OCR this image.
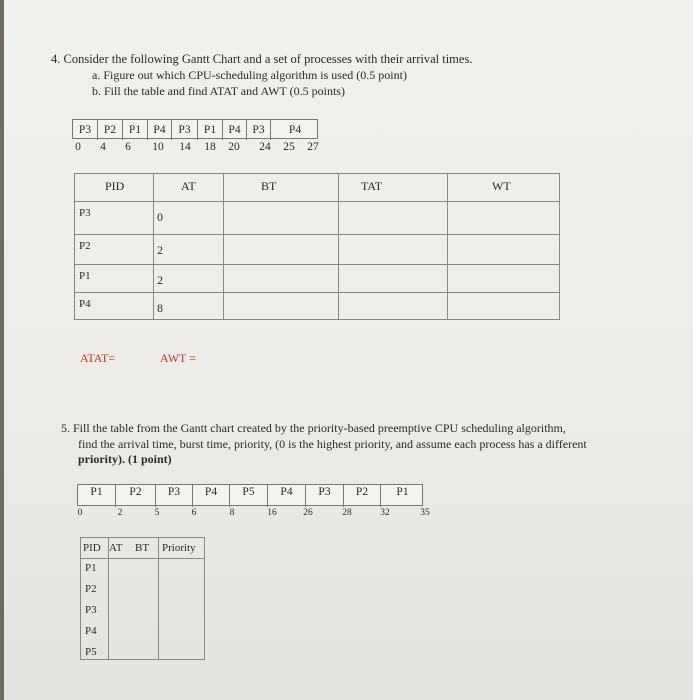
4. Consider the following Gantt Chart and a set of processes with their arrival times.
a. Figure out which CPU-scheduling algorithm is used (0.5 point)
b. Fill the table and find ATAT and AWT (0.5 points)
P3	P2	P1	P4	P3	P1	P4	P3	P4
0 4 6 10 14 18 20 24 25 27
PID	AT	BT	TAT	WT
P3	0
P2	2
P1	2
P4	8
ATAT=	AWT =
5. Fill the table from the Gantt chart created by the priority-based preemptive CPU scheduling algorithm,
find the arrival time, burst time, priority, (0 is the highest priority, and assume each process has a different
priority). (1 point)
P1	P2	P3	P4	P5	P4	P3	P2	P1
0	2	5	6	8	16	26	28	32	35
PID AT BT Priority
P1
P2
P3
P4
P5
